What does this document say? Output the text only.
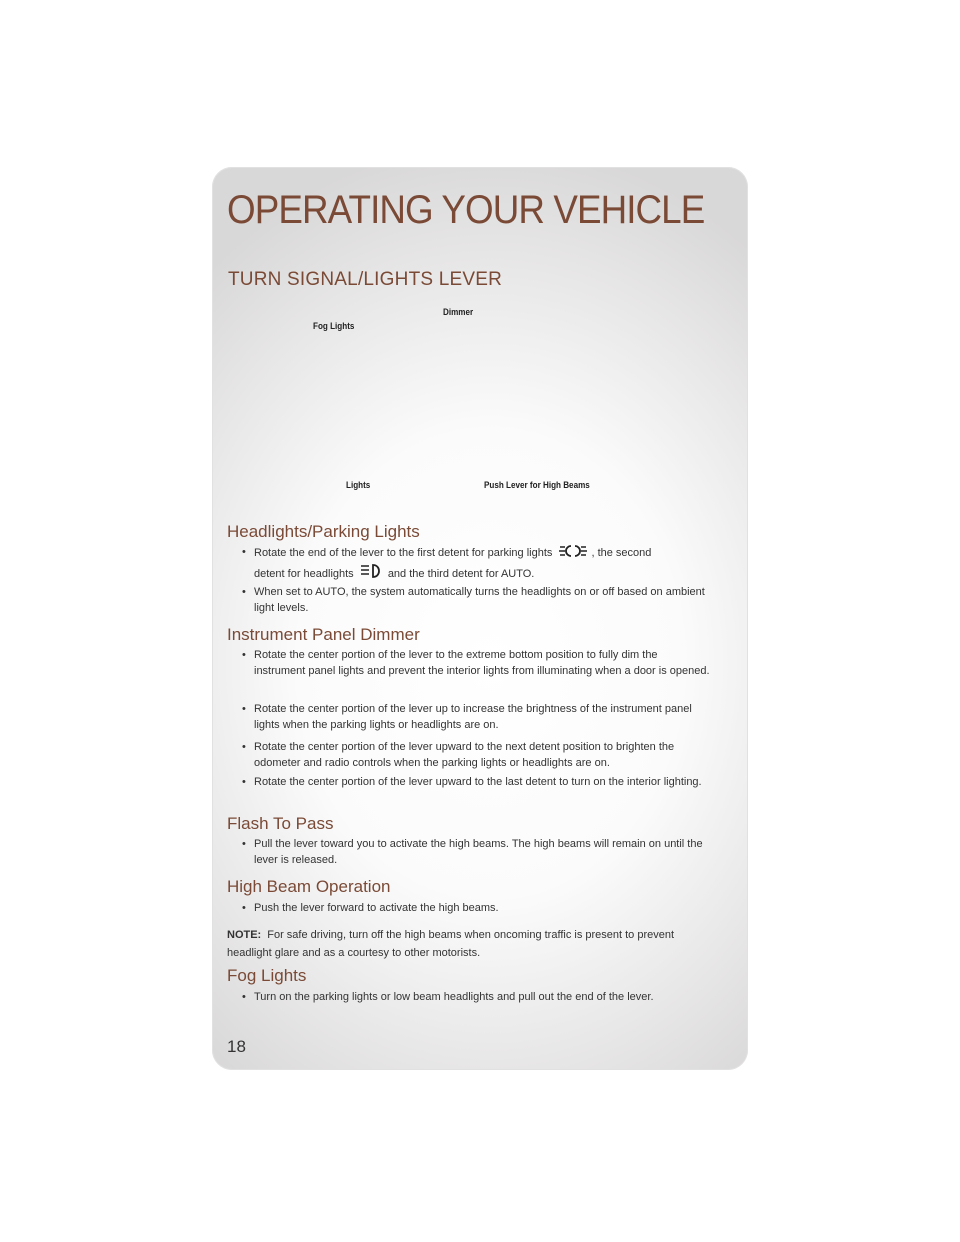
OPERATING YOUR VEHICLE
TURN SIGNAL/LIGHTS LEVER
Dimmer
Fog Lights
Lights	Push Lever for High Beams
Headlights/Parking Lights
• Rotate the end of the lever to the first detent for parking lights	, the second
detent for headlights	and the third detent for AUTO.
• When set to AUTO, the system automatically turns the headlights on or off based on ambient light levels.
Instrument Panel Dimmer
• Rotate the center portion of the lever to the extreme bottom position to fully dim the instrument panel lights and prevent the interior lights from illuminating when a door is opened.
• Rotate the center portion of the lever up to increase the brightness of the instrument panel lights when the parking lights or headlights are on.
• Rotate the center portion of the lever upward to the next detent position to brighten the odometer and radio controls when the parking lights or headlights are on.
• Rotate the center portion of the lever upward to the last detent to turn on the interior lighting.
Flash To Pass
• Pull the lever toward you to activate the high beams. The high beams will remain on until the lever is released.
High Beam Operation
• Push the lever forward to activate the high beams.
NOTE: For safe driving, turn off the high beams when oncoming traffic is present to prevent headlight glare and as a courtesy to other motorists.
Fog Lights
• Turn on the parking lights or low beam headlights and pull out the end of the lever.
18
